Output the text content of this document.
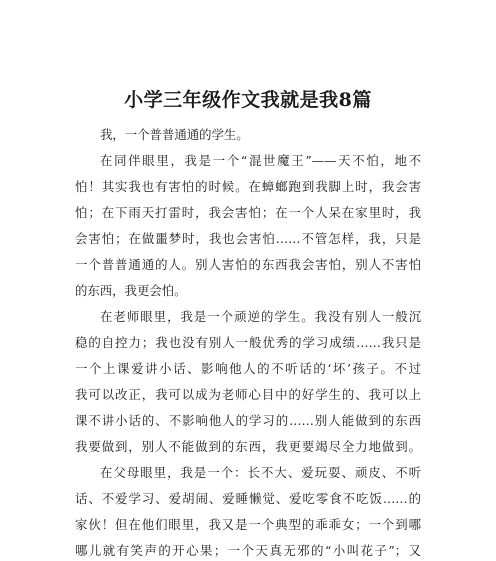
小学三年级作文我就是我8篇
我，一个普普通通的学生。
在同伴眼里，我是一个“混世魔王”——天不怕，地不
怕！其实我也有害怕的时候。在蟑螂跑到我脚上时，我会害
怕；在下雨天打雷时，我会害怕；在一个人呆在家里时，我
会害怕；在做噩梦时，我也会害怕……不管怎样，我，只是
一个普普通通的人。别人害怕的东西我会害怕，别人不害怕
的东西，我更会怕。
在老师眼里，我是一个顽逆的学生。我没有别人一般沉
稳的自控力；我也没有别人一般优秀的学习成绩……我只是
一个上课爱讲小话、影响他人的不听话的‘坏’孩子。不过
我可以改正，我可以成为老师心目中的好学生的、我可以上
课不讲小话的、不影响他人的学习的……别人能做到的东西
我要做到，别人不能做到的东西，我更要竭尽全力地做到。
在父母眼里，我是一个：长不大、爱玩耍、顽皮、不听
话、不爱学习、爱胡闹、爱睡懒觉、爱吃零食不吃饭……的
家伙！但在他们眼里，我又是一个典型的乖乖女；一个到哪
哪儿就有笑声的开心果；一个天真无邪的“小叫花子”；又
